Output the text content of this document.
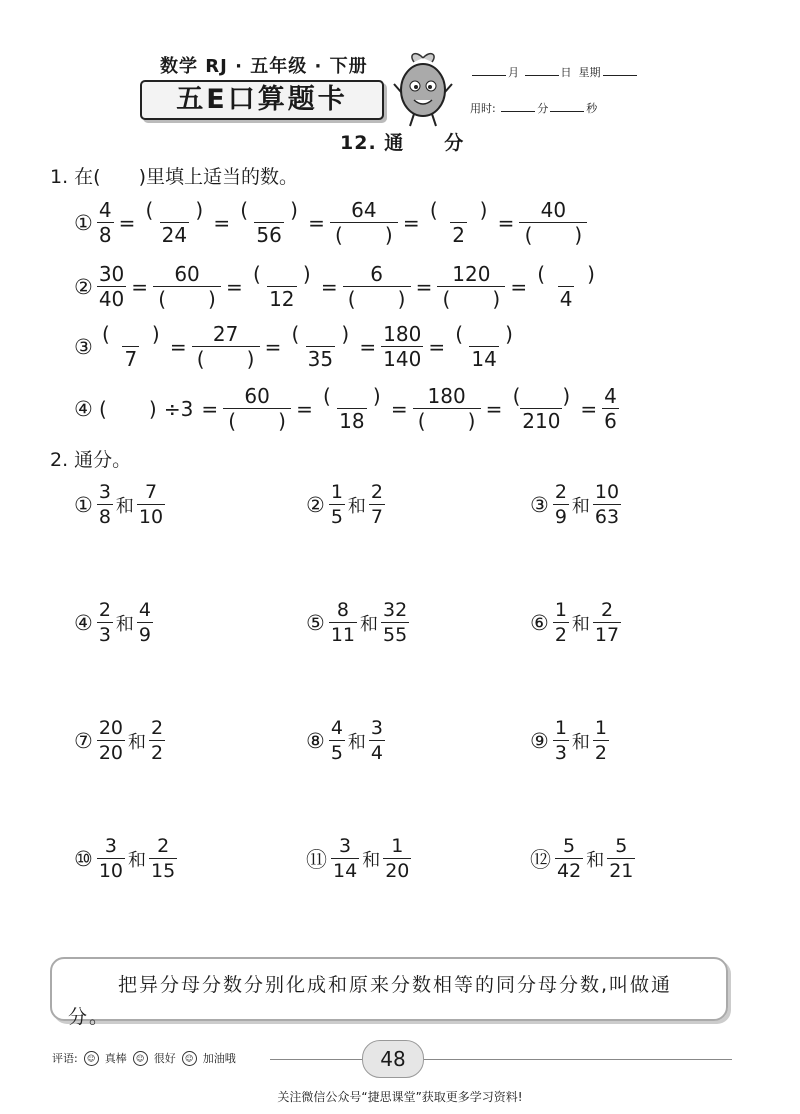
数学 RJ · 五年级 · 下册
五E口算题卡
月	日 星期
用时:	分	秒
12. 通　　分
1. 在(　　)里填上适当的数。
① $\frac{4}{8}$ =
(  )
24
=
(  )
56
=
64
(  )
=
(  )
2
=
40
(  )
② $\frac{30}{40}$ =
60
(  )
=
(  )
12
=
6
(  )
=
120
(  )
=
(  )
4
③
(  )
7
=
27
(  )
=
(  )
35
= $\frac{180}{140}$ =
(  )
14
④
(  )	÷3 =
60
(  )
=
(  )
18
=
180
(  )
=
(  )
210
= $\frac{4}{6}$
2. 通分。
① $\frac{3}{8}$ 和 $\frac{7}{10}$	② $\frac{1}{5}$ 和 $\frac{2}{7}$	③ $\frac{2}{9}$ 和 $\frac{10}{63}$
④ $\frac{2}{3}$ 和 $\frac{4}{9}$	⑤ $\frac{8}{11}$ 和 $\frac{32}{55}$	⑥ $\frac{1}{2}$ 和 $\frac{2}{17}$
⑦ $\frac{20}{20}$ 和 $\frac{2}{2}$	⑧ $\frac{4}{5}$ 和 $\frac{3}{4}$	⑨ $\frac{1}{3}$ 和 $\frac{1}{2}$
⑩ $\frac{3}{10}$ 和 $\frac{2}{15}$	⑪ $\frac{3}{14}$ 和 $\frac{1}{20}$	⑫ $\frac{5}{42}$ 和 $\frac{5}{21}$
把异分母分数分别化成和原来分数相等的同分母分数,叫做通分。
评语:	☺ 真棒	☺ 很好	☺ 加油哦	48
关注微信公众号“捷思课堂”获取更多学习资料!
